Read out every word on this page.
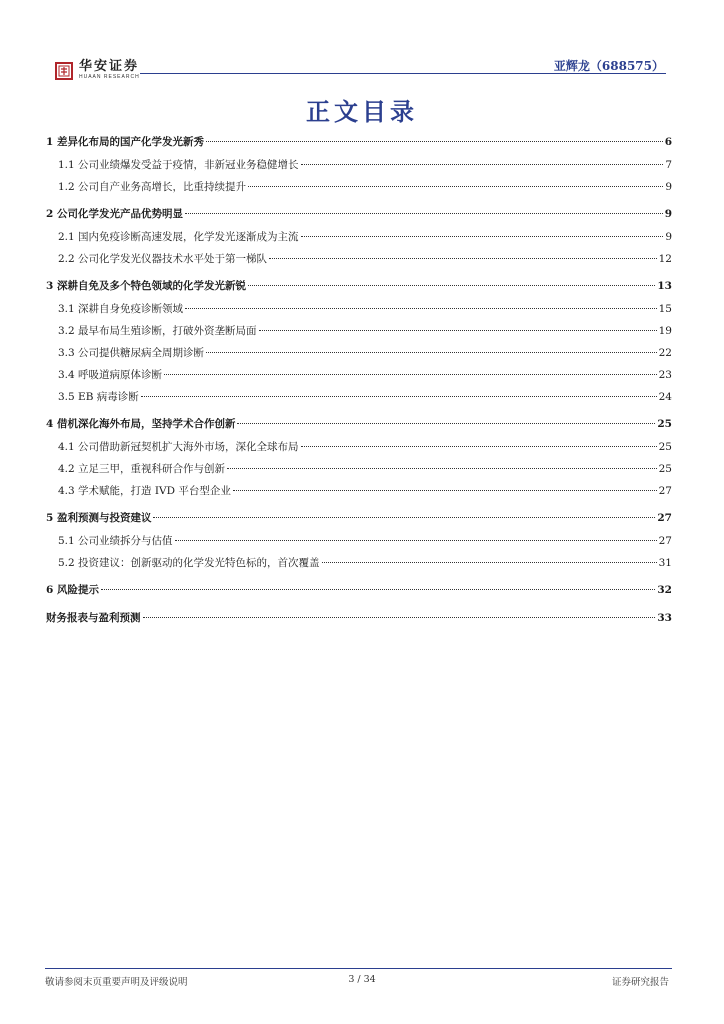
华安证券
HUAAN RESEARCH
亚辉龙（688575）
正文目录
1 差异化布局的国产化学发光新秀	6
1.1 公司业绩爆发受益于疫情，非新冠业务稳健增长	7
1.2 公司自产业务高增长，比重持续提升	9
2 公司化学发光产品优势明显	9
2.1 国内免疫诊断高速发展，化学发光逐渐成为主流	9
2.2 公司化学发光仪器技术水平处于第一梯队	12
3 深耕自免及多个特色领域的化学发光新锐	13
3.1 深耕自身免疫诊断领域	15
3.2 最早布局生殖诊断，打破外资垄断局面	19
3.3 公司提供糖尿病全周期诊断	22
3.4 呼吸道病原体诊断	23
3.5 EB 病毒诊断	24
4 借机深化海外布局，坚持学术合作创新	25
4.1 公司借助新冠契机扩大海外市场，深化全球布局	25
4.2 立足三甲，重视科研合作与创新	25
4.3 学术赋能，打造 IVD 平台型企业	27
5 盈利预测与投资建议	27
5.1 公司业绩拆分与估值	27
5.2 投资建议：创新驱动的化学发光特色标的，首次覆盖	31
6 风险提示	32
财务报表与盈利预测	33
敬请参阅末页重要声明及评级说明	3 / 34	证券研究报告
